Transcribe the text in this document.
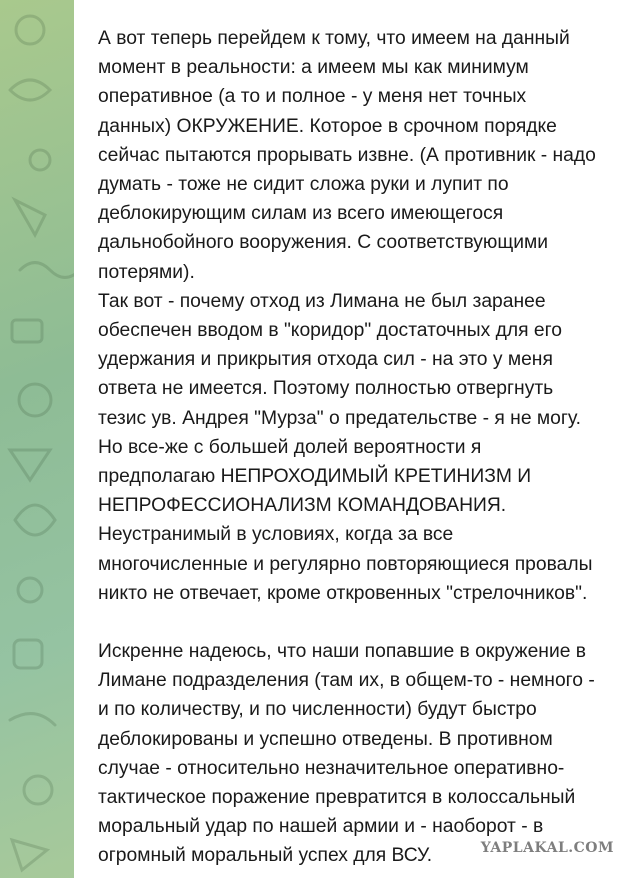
А вот теперь перейдем к тому, что имеем на данный
момент в реальности: а имеем мы как минимум
оперативное (а то и полное - у меня нет точных
данных) ОКРУЖЕНИЕ. Которое в срочном порядке
сейчас пытаются прорывать извне. (А противник - надо
думать - тоже не сидит сложа руки и лупит по
деблокирующим силам из всего имеющегося
дальнобойного вооружения. С соответствующими
потерями).

Так вот - почему отход из Лимана не был заранее
обеспечен вводом в "коридор" достаточных для его
удержания и прикрытия отхода сил - на это у меня
ответа не имеется. Поэтому полностью отвергнуть
тезис ув. Андрея "Мурза" о предательстве - я не могу.
Но все-же с большей долей вероятности я
предполагаю НЕПРОХОДИМЫЙ КРЕТИНИЗМ И
НЕПРОФЕССИОНАЛИЗМ КОМАНДОВАНИЯ.
Неустранимый в условиях, когда за все
многочисленные и регулярно повторяющиеся провалы
никто не отвечает, кроме откровенных "стрелочников".

Искренне надеюсь, что наши попавшие в окружение в
Лимане подразделения (там их, в общем-то - немного -
и по количеству, и по численности) будут быстро
деблокированы и успешно отведены. В противном
случае - относительно незначительное оперативно-
тактическое поражение превратится в колоссальный
моральный удар по нашей армии и - наоборот - в
огромный моральный успех для ВСУ.	YAPLAKAL.COM
